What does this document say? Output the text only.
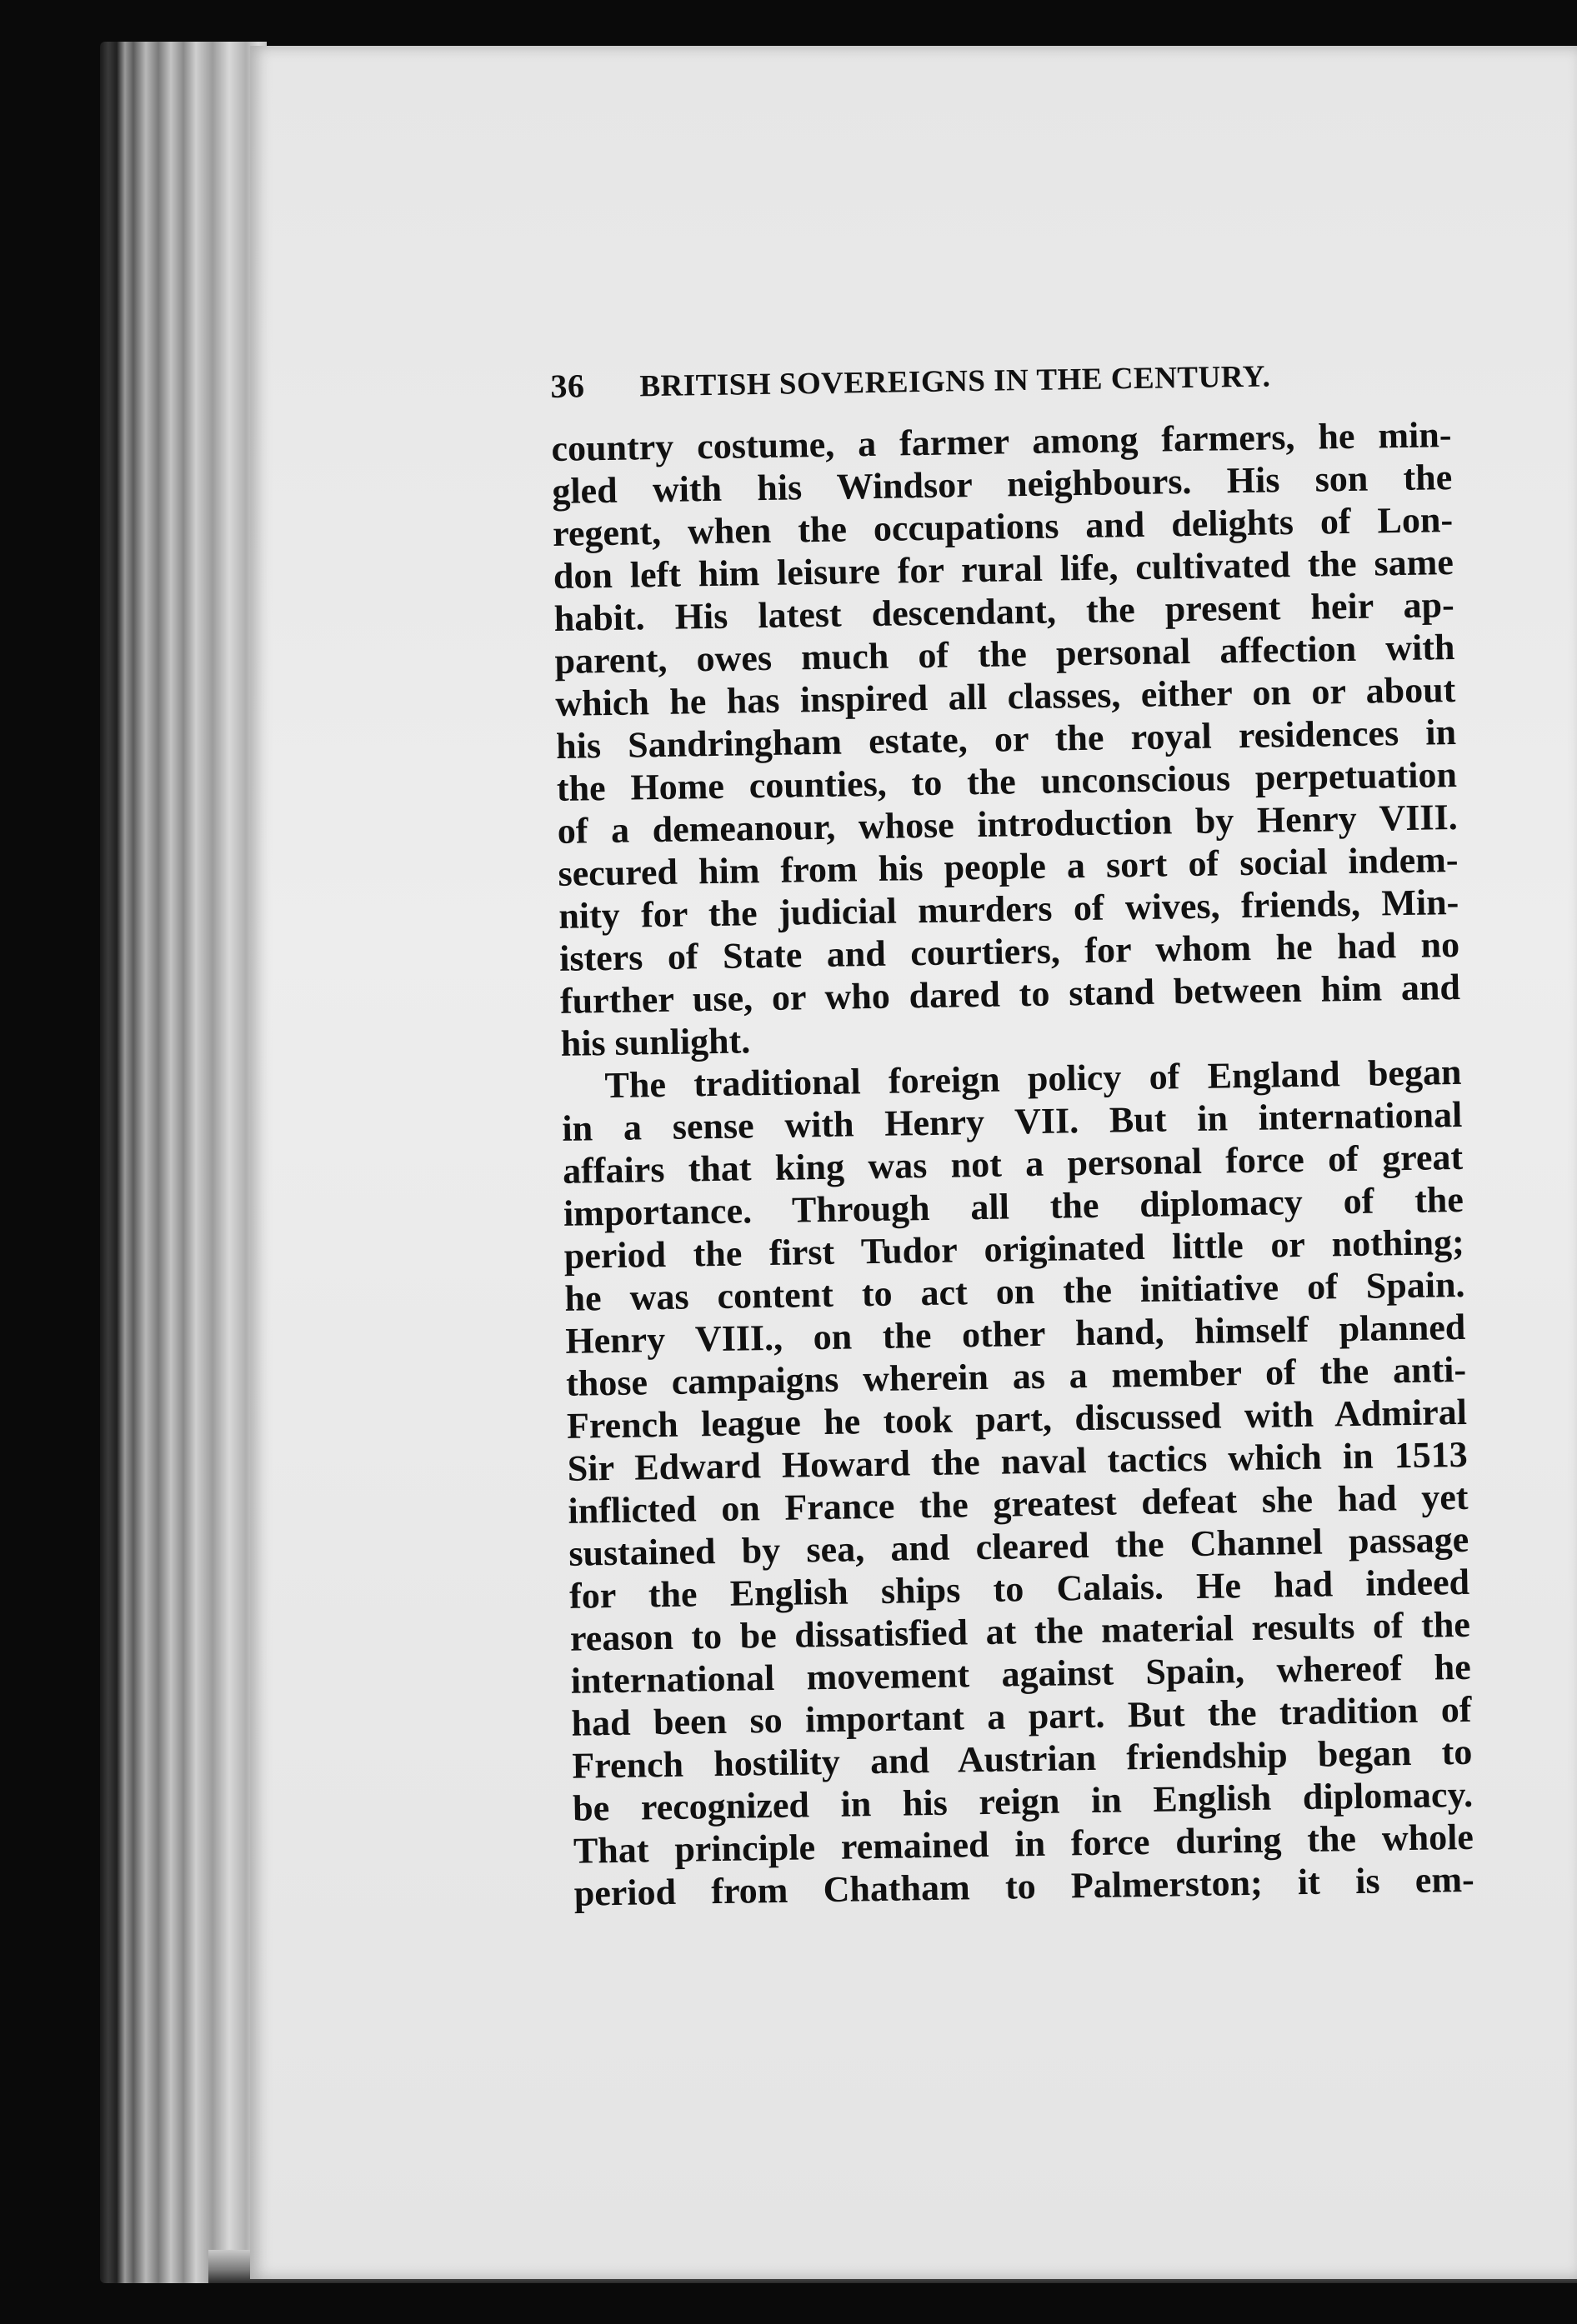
36 BRITISH SOVEREIGNS IN THE CENTURY.
country costume, a farmer among farmers, he min-
gled with his Windsor neighbours. His son the
regent, when the occupations and delights of Lon-
don left him leisure for rural life, cultivated the same
habit. His latest descendant, the present heir ap-
parent, owes much of the personal affection with
which he has inspired all classes, either on or about
his Sandringham estate, or the royal residences in
the Home counties, to the unconscious perpetuation
of a demeanour, whose introduction by Henry VIII.
secured him from his people a sort of social indem-
nity for the judicial murders of wives, friends, Min-
isters of State and courtiers, for whom he had no
further use, or who dared to stand between him and
his sunlight.
The traditional foreign policy of England began
in a sense with Henry VII. But in international
affairs that king was not a personal force of great
importance. Through all the diplomacy of the
period the first Tudor originated little or nothing;
he was content to act on the initiative of Spain.
Henry VIII., on the other hand, himself planned
those campaigns wherein as a member of the anti-
French league he took part, discussed with Admiral
Sir Edward Howard the naval tactics which in 1513
inflicted on France the greatest defeat she had yet
sustained by sea, and cleared the Channel passage
for the English ships to Calais. He had indeed
reason to be dissatisfied at the material results of the
international movement against Spain, whereof he
had been so important a part. But the tradition of
French hostility and Austrian friendship began to
be recognized in his reign in English diplomacy.
That principle remained in force during the whole
period from Chatham to Palmerston; it is em-
